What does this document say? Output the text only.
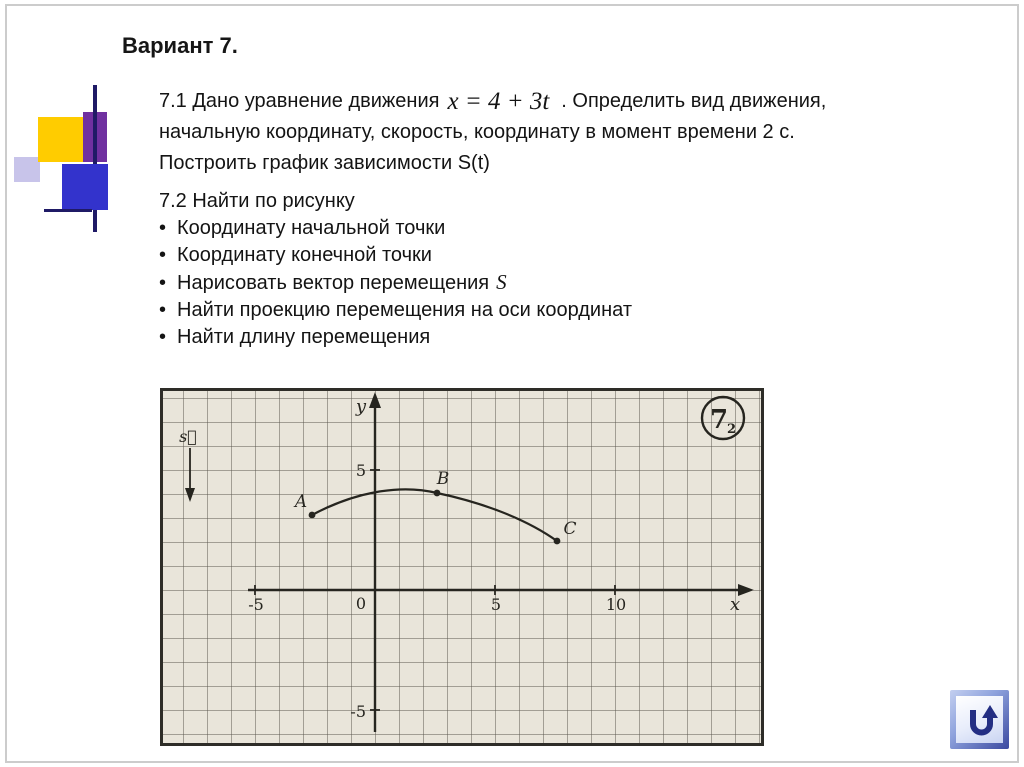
Вариант 7.
7.1 Дано уравнение движения x = 4 + 3t . Определить вид движения, начальную координату, скорость, координату в момент времени 2 с. Построить график зависимости S(t)
7.2 Найти по рисунку
• Координату начальной точки
• Координату конечной точки
• Нарисовать вектор перемещения S⃗
• Найти проекцию перемещения на оси координат
• Найти длину перемещения
y
x
-5	0	5	10
5
-5
A
B
C
s⃗
7
2
